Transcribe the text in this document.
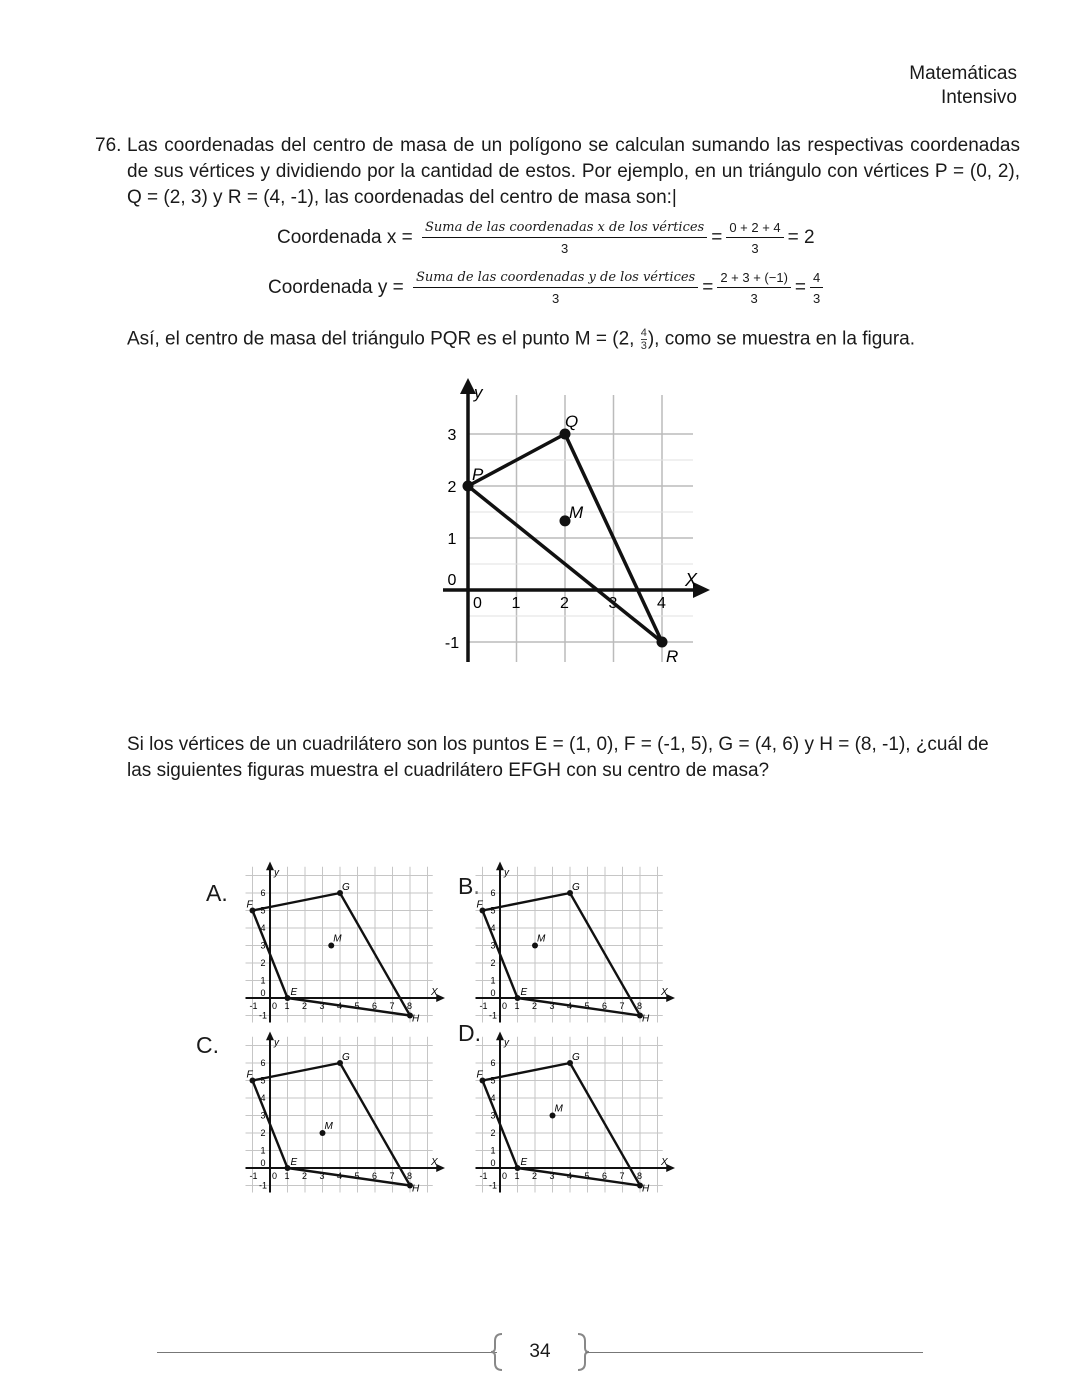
Matemáticas
Intensivo
76. Las coordenadas del centro de masa de un polígono se calculan sumando las respectivas coordenadas de sus vértices y dividiendo por la cantidad de estos. Por ejemplo, en un triángulo con vértices P = (0, 2), Q = (2, 3) y R = (4, -1), las coordenadas del centro de masa son:|
Coordenada $x = \frac{\text{Suma de las coordenadas x de los vértices}}{3} = \frac{0 + 2 + 4}{3} = 2$
Coordenada $y = \frac{\text{Suma de las coordenadas y de los vértices}}{3} = \frac{2 + 3 + (-1)}{3} = \frac{4}{3}$
Así, el centro de masa del triángulo PQR es el punto M = (2, $\frac{4}{3}$ ), como se muestra en la figura.
X
y
0 1 2 3 4
-1
0
1
2
3
P
Q
R
M
Si los vértices de un cuadrilátero son los puntos E = (1, 0), F = (-1, 5), G = (4, 6) y H = (8, -1), ¿cuál de las siguientes figuras muestra el cuadrilátero EFGH con su centro de masa?
A.	B.
C.	D.
X
y
-1 0 1 2 3 4 5 6 7 8
-1
0
1
2
3
4
5
6
E
F
G
H
M
X
y
-1 0 1 2 3 4 5 6 7 8
-1
0
1
2
3
4
5
6
E
F
G
H
M
X
y
-1 0 1 2 3 4 5 6 7 8
-1
0
1
2
3
4
5
6
E
F
G
H
M
X
y
-1 0 1 2 3 4 5 6 7 8
-1
0
1
2
3
4
5
6
E
F
G
H
M
34
